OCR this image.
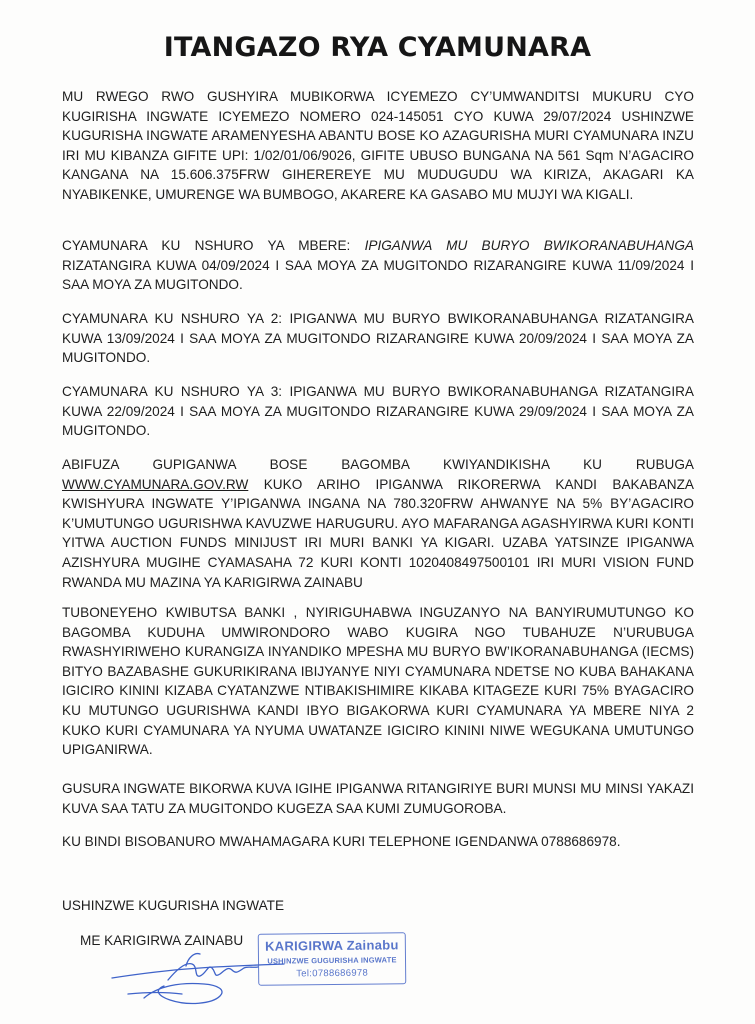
ITANGAZO RYA CYAMUNARA
MU RWEGO RWO GUSHYIRA MUBIKORWA ICYEMEZO CY’UMWANDITSI MUKURU CYO KUGIRISHA INGWATE ICYEMEZO NOMERO 024-145051 CYO KUWA 29/07/2024 USHINZWE KUGURISHA INGWATE ARAMENYESHA ABANTU BOSE KO AZAGURISHA MURI CYAMUNARA INZU IRI MU KIBANZA GIFITE UPI: 1/02/01/06/9026, GIFITE UBUSO BUNGANA NA 561 Sqm N’AGACIRO KANGANA NA 15.606.375FRW GIHEREREYE MU MUDUGUDU WA KIRIZA, AKAGARI KA NYABIKENKE, UMURENGE WA BUMBOGO, AKARERE KA GASABO MU MUJYI WA KIGALI.
CYAMUNARA KU NSHURO YA MBERE: IPIGANWA MU BURYO BWIKORANABUHANGA RIZATANGIRA KUWA 04/09/2024 I SAA MOYA ZA MUGITONDO RIZARANGIRE KUWA 11/09/2024 I SAA MOYA ZA MUGITONDO.
CYAMUNARA KU NSHURO YA 2: IPIGANWA MU BURYO BWIKORANABUHANGA RIZATANGIRA KUWA 13/09/2024 I SAA MOYA ZA MUGITONDO RIZARANGIRE KUWA 20/09/2024 I SAA MOYA ZA MUGITONDO.
CYAMUNARA KU NSHURO YA 3: IPIGANWA MU BURYO BWIKORANABUHANGA RIZATANGIRA KUWA 22/09/2024 I SAA MOYA ZA MUGITONDO RIZARANGIRE KUWA 29/09/2024 I SAA MOYA ZA MUGITONDO.
ABIFUZA GUPIGANWA BOSE BAGOMBA KWIYANDIKISHA KU RUBUGA WWW.CYAMUNARA.GOV.RW KUKO ARIHO IPIGANWA RIKORERWA KANDI BAKABANZA KWISHYURA INGWATE Y’IPIGANWA INGANA NA 780.320FRW AHWANYE NA 5% BY’AGACIRO K’UMUTUNGO UGURISHWA KAVUZWE HARUGURU. AYO MAFARANGA AGASHYIRWA KURI KONTI YITWA AUCTION FUNDS MINIJUST IRI MURI BANKI YA KIGARI. UZABA YATSINZE IPIGANWA AZISHYURA MUGIHE CYAMASAHA 72 KURI KONTI 1020408497500101 IRI MURI VISION FUND RWANDA MU MAZINA YA KARIGIRWA ZAINABU
TUBONEYEHO KWIBUTSA BANKI , NYIRIGUHABWA INGUZANYO NA BANYIRUMUTUNGO KO BAGOMBA KUDUHA UMWIRONDORO WABO KUGIRA NGO TUBAHUZE N’URUBUGA RWASHYIRIWEHO KURANGIZA INYANDIKO MPESHA MU BURYO BW’IKORANABUHANGA (IECMS) BITYO BAZABASHE GUKURIKIRANA IBIJYANYE NIYI CYAMUNARA NDETSE NO KUBA BAHAKANA IGICIRO KININI KIZABA CYATANZWE NTIBAKISHIMIRE KIKABA KITAGEZE KURI 75% BYAGACIRO KU MUTUNGO UGURISHWA KANDI IBYO BIGAKORWA KURI CYAMUNARA YA MBERE NIYA 2 KUKO KURI CYAMUNARA YA NYUMA UWATANZE IGICIRO KININI NIWE WEGUKANA UMUTUNGO UPIGANIRWA.
GUSURA INGWATE BIKORWA KUVA IGIHE IPIGANWA RITANGIRIYE BURI MUNSI MU MINSI YAKAZI KUVA SAA TATU ZA MUGITONDO KUGEZA SAA KUMI ZUMUGOROBA.
KU BINDI BISOBANURO MWAHAMAGARA KURI TELEPHONE IGENDANWA 0788686978.
USHINZWE KUGURISHA INGWATE
ME KARIGIRWA ZAINABU	KARIGIRWA Zainabu
USHINZWE GUGURISHA INGWATE
Tel:0788686978
